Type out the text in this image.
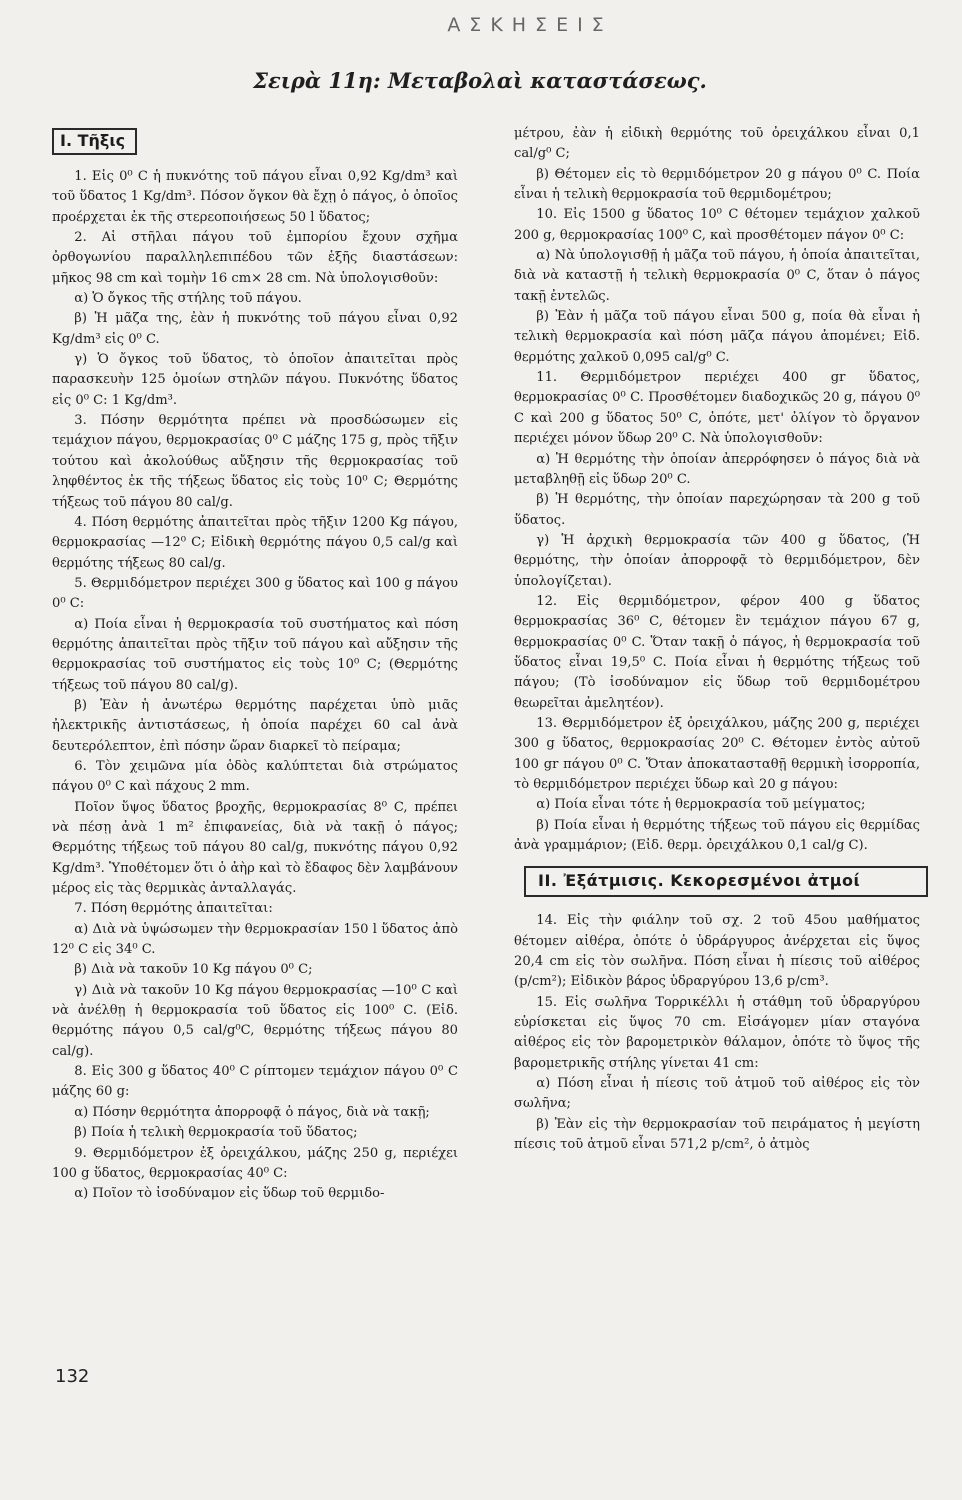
ΑΣΚΗΣΕΙΣ
Σειρὰ 11η: Μεταβολαὶ καταστάσεως.
I. Τῆξις

1. Εἰς 0⁰ C ἡ πυκνότης τοῦ πάγου εἶναι 0,92 Kg/dm³ καὶ τοῦ ὕδατος 1 Kg/dm³. Πόσον ὄγκον θὰ ἔχῃ ὁ πάγος, ὁ ὁποῖος προέρχεται ἐκ τῆς στερεοποιήσεως 50 l ὕδατος;

2. Αἱ στῆλαι πάγου τοῦ ἐμπορίου ἔχουν σχῆμα ὀρθογωνίου παραλληλεπιπέδου τῶν ἑξῆς διαστάσεων: μῆκος 98 cm καὶ τομὴν 16 cm× 28 cm. Νὰ ὑπολογισθοῦν:

α) Ὁ ὄγκος τῆς στήλης τοῦ πάγου.

β) Ἡ μᾶζα της, ἐὰν ἡ πυκνότης τοῦ πάγου εἶναι 0,92 Kg/dm³ εἰς 0⁰ C.

γ) Ὁ ὄγκος τοῦ ὕδατος, τὸ ὁποῖον ἀπαιτεῖται πρὸς παρασκευὴν 125 ὁμοίων στηλῶν πάγου. Πυκνότης ὕδατος εἰς 0⁰ C: 1 Kg/dm³.

3. Πόσην θερμότητα πρέπει νὰ προσδώσωμεν εἰς τεμάχιον πάγου, θερμοκρασίας 0⁰ C μάζης 175 g, πρὸς τῆξιν τούτου καὶ ἀκολούθως αὔξησιν τῆς θερμοκρασίας τοῦ ληφθέντος ἐκ τῆς τήξεως ὕδατος εἰς τοὺς 10⁰ C; Θερμότης τήξεως τοῦ πάγου 80 cal/g.

4. Πόση θερμότης ἀπαιτεῖται πρὸς τῆξιν 1200 Kg πάγου, θερμοκρασίας —12⁰ C; Εἰδικὴ θερμότης πάγου 0,5 cal/g καὶ θερμότης τήξεως 80 cal/g.

5. Θερμιδόμετρον περιέχει 300 g ὕδατος καὶ 100 g πάγου 0⁰ C:

α) Ποία εἶναι ἡ θερμοκρασία τοῦ συστήματος καὶ πόση θερμότης ἀπαιτεῖται πρὸς τῆξιν τοῦ πάγου καὶ αὔξησιν τῆς θερμοκρασίας τοῦ συστήματος εἰς τοὺς 10⁰ C; (Θερμότης τήξεως τοῦ πάγου 80 cal/g).

β) Ἐὰν ἡ ἀνωτέρω θερμότης παρέχεται ὑπὸ μιᾶς ἠλεκτρικῆς ἀντιστάσεως, ἡ ὁποία παρέχει 60 cal ἀνὰ δευτερόλεπτον, ἐπὶ πόσην ὥραν διαρκεῖ τὸ πείραμα;

6. Τὸν χειμῶνα μία ὁδὸς καλύπτεται διὰ στρώματος πάγου 0⁰ C καὶ πάχους 2 mm.

Ποῖον ὕψος ὕδατος βροχῆς, θερμοκρασίας 8⁰ C, πρέπει νὰ πέσῃ ἀνὰ 1 m² ἐπιφανείας, διὰ νὰ τακῇ ὁ πάγος; Θερμότης τήξεως τοῦ πάγου 80 cal/g, πυκνότης πάγου 0,92 Kg/dm³. Ὑποθέτομεν ὅτι ὁ ἀὴρ καὶ τὸ ἔδαφος δὲν λαμβάνουν μέρος εἰς τὰς θερμικὰς ἀνταλλαγάς.

7. Πόση θερμότης ἀπαιτεῖται:

α) Διὰ νὰ ὑψώσωμεν τὴν θερμοκρασίαν 150 l ὕδατος ἀπὸ 12⁰ C εἰς 34⁰ C.

β) Διὰ νὰ τακοῦν 10 Kg πάγου 0⁰ C;

γ) Διὰ νὰ τακοῦν 10 Kg πάγου θερμοκρασίας —10⁰ C καὶ νὰ ἀνέλθῃ ἡ θερμοκρασία τοῦ ὕδατος εἰς 100⁰ C. (Εἰδ. θερμότης πάγου 0,5 cal/g⁰C, θερμότης τήξεως πάγου 80 cal/g).

8. Εἰς 300 g ὕδατος 40⁰ C ρίπτομεν τεμάχιον πάγου 0⁰ C μάζης 60 g:

α) Πόσην θερμότητα ἀπορροφᾷ ὁ πάγος, διὰ νὰ τακῇ;

β) Ποία ἡ τελικὴ θερμοκρασία τοῦ ὕδατος;

9. Θερμιδόμετρον ἐξ ὀρειχάλκου, μάζης 250 g, περιέχει 100 g ὕδατος, θερμοκρασίας 40⁰ C:

α) Ποῖον τὸ ἰσοδύναμον εἰς ὕδωρ τοῦ θερμιδο-

μέτρου, ἐὰν ἡ εἰδικὴ θερμότης τοῦ ὀρειχάλκου εἶναι 0,1 cal/g⁰ C;

β) Θέτομεν εἰς τὸ θερμιδόμετρον 20 g πάγου 0⁰ C. Ποία εἶναι ἡ τελικὴ θερμοκρασία τοῦ θερμιδομέτρου;

10. Εἰς 1500 g ὕδατος 10⁰ C θέτομεν τεμάχιον χαλκοῦ 200 g, θερμοκρασίας 100⁰ C, καὶ προσθέτομεν πάγον 0⁰ C:

α) Νὰ ὑπολογισθῇ ἡ μᾶζα τοῦ πάγου, ἡ ὁποία ἀπαιτεῖται, διὰ νὰ καταστῇ ἡ τελικὴ θερμοκρασία 0⁰ C, ὅταν ὁ πάγος τακῇ ἐντελῶς.

β) Ἐὰν ἡ μᾶζα τοῦ πάγου εἶναι 500 g, ποία θὰ εἶναι ἡ τελικὴ θερμοκρασία καὶ πόση μᾶζα πάγου ἀπομένει; Εἰδ. θερμότης χαλκοῦ 0,095 cal/g⁰ C.

11. Θερμιδόμετρον περιέχει 400 gr ὕδατος, θερμοκρασίας 0⁰ C. Προσθέτομεν διαδοχικῶς 20 g, πάγου 0⁰ C καὶ 200 g ὕδατος 50⁰ C, ὁπότε, μετ' ὀλίγον τὸ ὄργανον περιέχει μόνον ὕδωρ 20⁰ C. Νὰ ὑπολογισθοῦν:

α) Ἡ θερμότης τὴν ὁποίαν ἀπερρόφησεν ὁ πάγος διὰ νὰ μεταβληθῇ εἰς ὕδωρ 20⁰ C.

β) Ἡ θερμότης, τὴν ὁποίαν παρεχώρησαν τὰ 200 g τοῦ ὕδατος.

γ) Ἡ ἀρχικὴ θερμοκρασία τῶν 400 g ὕδατος, (Ἡ θερμότης, τὴν ὁποίαν ἀπορροφᾷ τὸ θερμιδόμετρον, δὲν ὑπολογίζεται).

12. Εἰς θερμιδόμετρον, φέρον 400 g ὕδατος θερμοκρασίας 36⁰ C, θέτομεν ἓν τεμάχιον πάγου 67 g, θερμοκρασίας 0⁰ C. Ὅταν τακῇ ὁ πάγος, ἡ θερμοκρασία τοῦ ὕδατος εἶναι 19,5⁰ C. Ποία εἶναι ἡ θερμότης τήξεως τοῦ πάγου; (Τὸ ἰσοδύναμον εἰς ὕδωρ τοῦ θερμιδομέτρου θεωρεῖται ἀμελητέον).

13. Θερμιδόμετρον ἐξ ὀρειχάλκου, μάζης 200 g, περιέχει 300 g ὕδατος, θερμοκρασίας 20⁰ C. Θέτομεν ἐντὸς αὐτοῦ 100 gr πάγου 0⁰ C. Ὅταν ἀποκατασταθῇ θερμικὴ ἰσορροπία, τὸ θερμιδόμετρον περιέχει ὕδωρ καὶ 20 g πάγου:

α) Ποία εἶναι τότε ἡ θερμοκρασία τοῦ μείγματος;

β) Ποία εἶναι ἡ θερμότης τήξεως τοῦ πάγου εἰς θερμίδας ἀνὰ γραμμάριον; (Εἰδ. θερμ. ὀρειχάλκου 0,1 cal/g C).

II. Ἐξάτμισις. Κεκορεσμένοι ἀτμοί

14. Εἰς τὴν φιάλην τοῦ σχ. 2 τοῦ 45ου μαθήματος θέτομεν αἰθέρα, ὁπότε ὁ ὑδράργυρος ἀνέρχεται εἰς ὕψος 20,4 cm εἰς τὸν σωλῆνα. Πόση εἶναι ἡ πίεσις τοῦ αἰθέρος (p/cm²); Εἰδικὸν βάρος ὑδραργύρου 13,6 p/cm³.

15. Εἰς σωλῆνα Τορρικέλλι ἡ στάθμη τοῦ ὑδραργύρου εὑρίσκεται εἰς ὕψος 70 cm. Εἰσάγομεν μίαν σταγόνα αἰθέρος εἰς τὸν βαρομετρικὸν θάλαμον, ὁπότε τὸ ὕψος τῆς βαρομετρικῆς στήλης γίνεται 41 cm:

α) Πόση εἶναι ἡ πίεσις τοῦ ἀτμοῦ τοῦ αἰθέρος εἰς τὸν σωλῆνα;

β) Ἐὰν εἰς τὴν θερμοκρασίαν τοῦ πειράματος ἡ μεγίστη πίεσις τοῦ ἀτμοῦ εἶναι 571,2 p/cm², ὁ ἀτμὸς

132
